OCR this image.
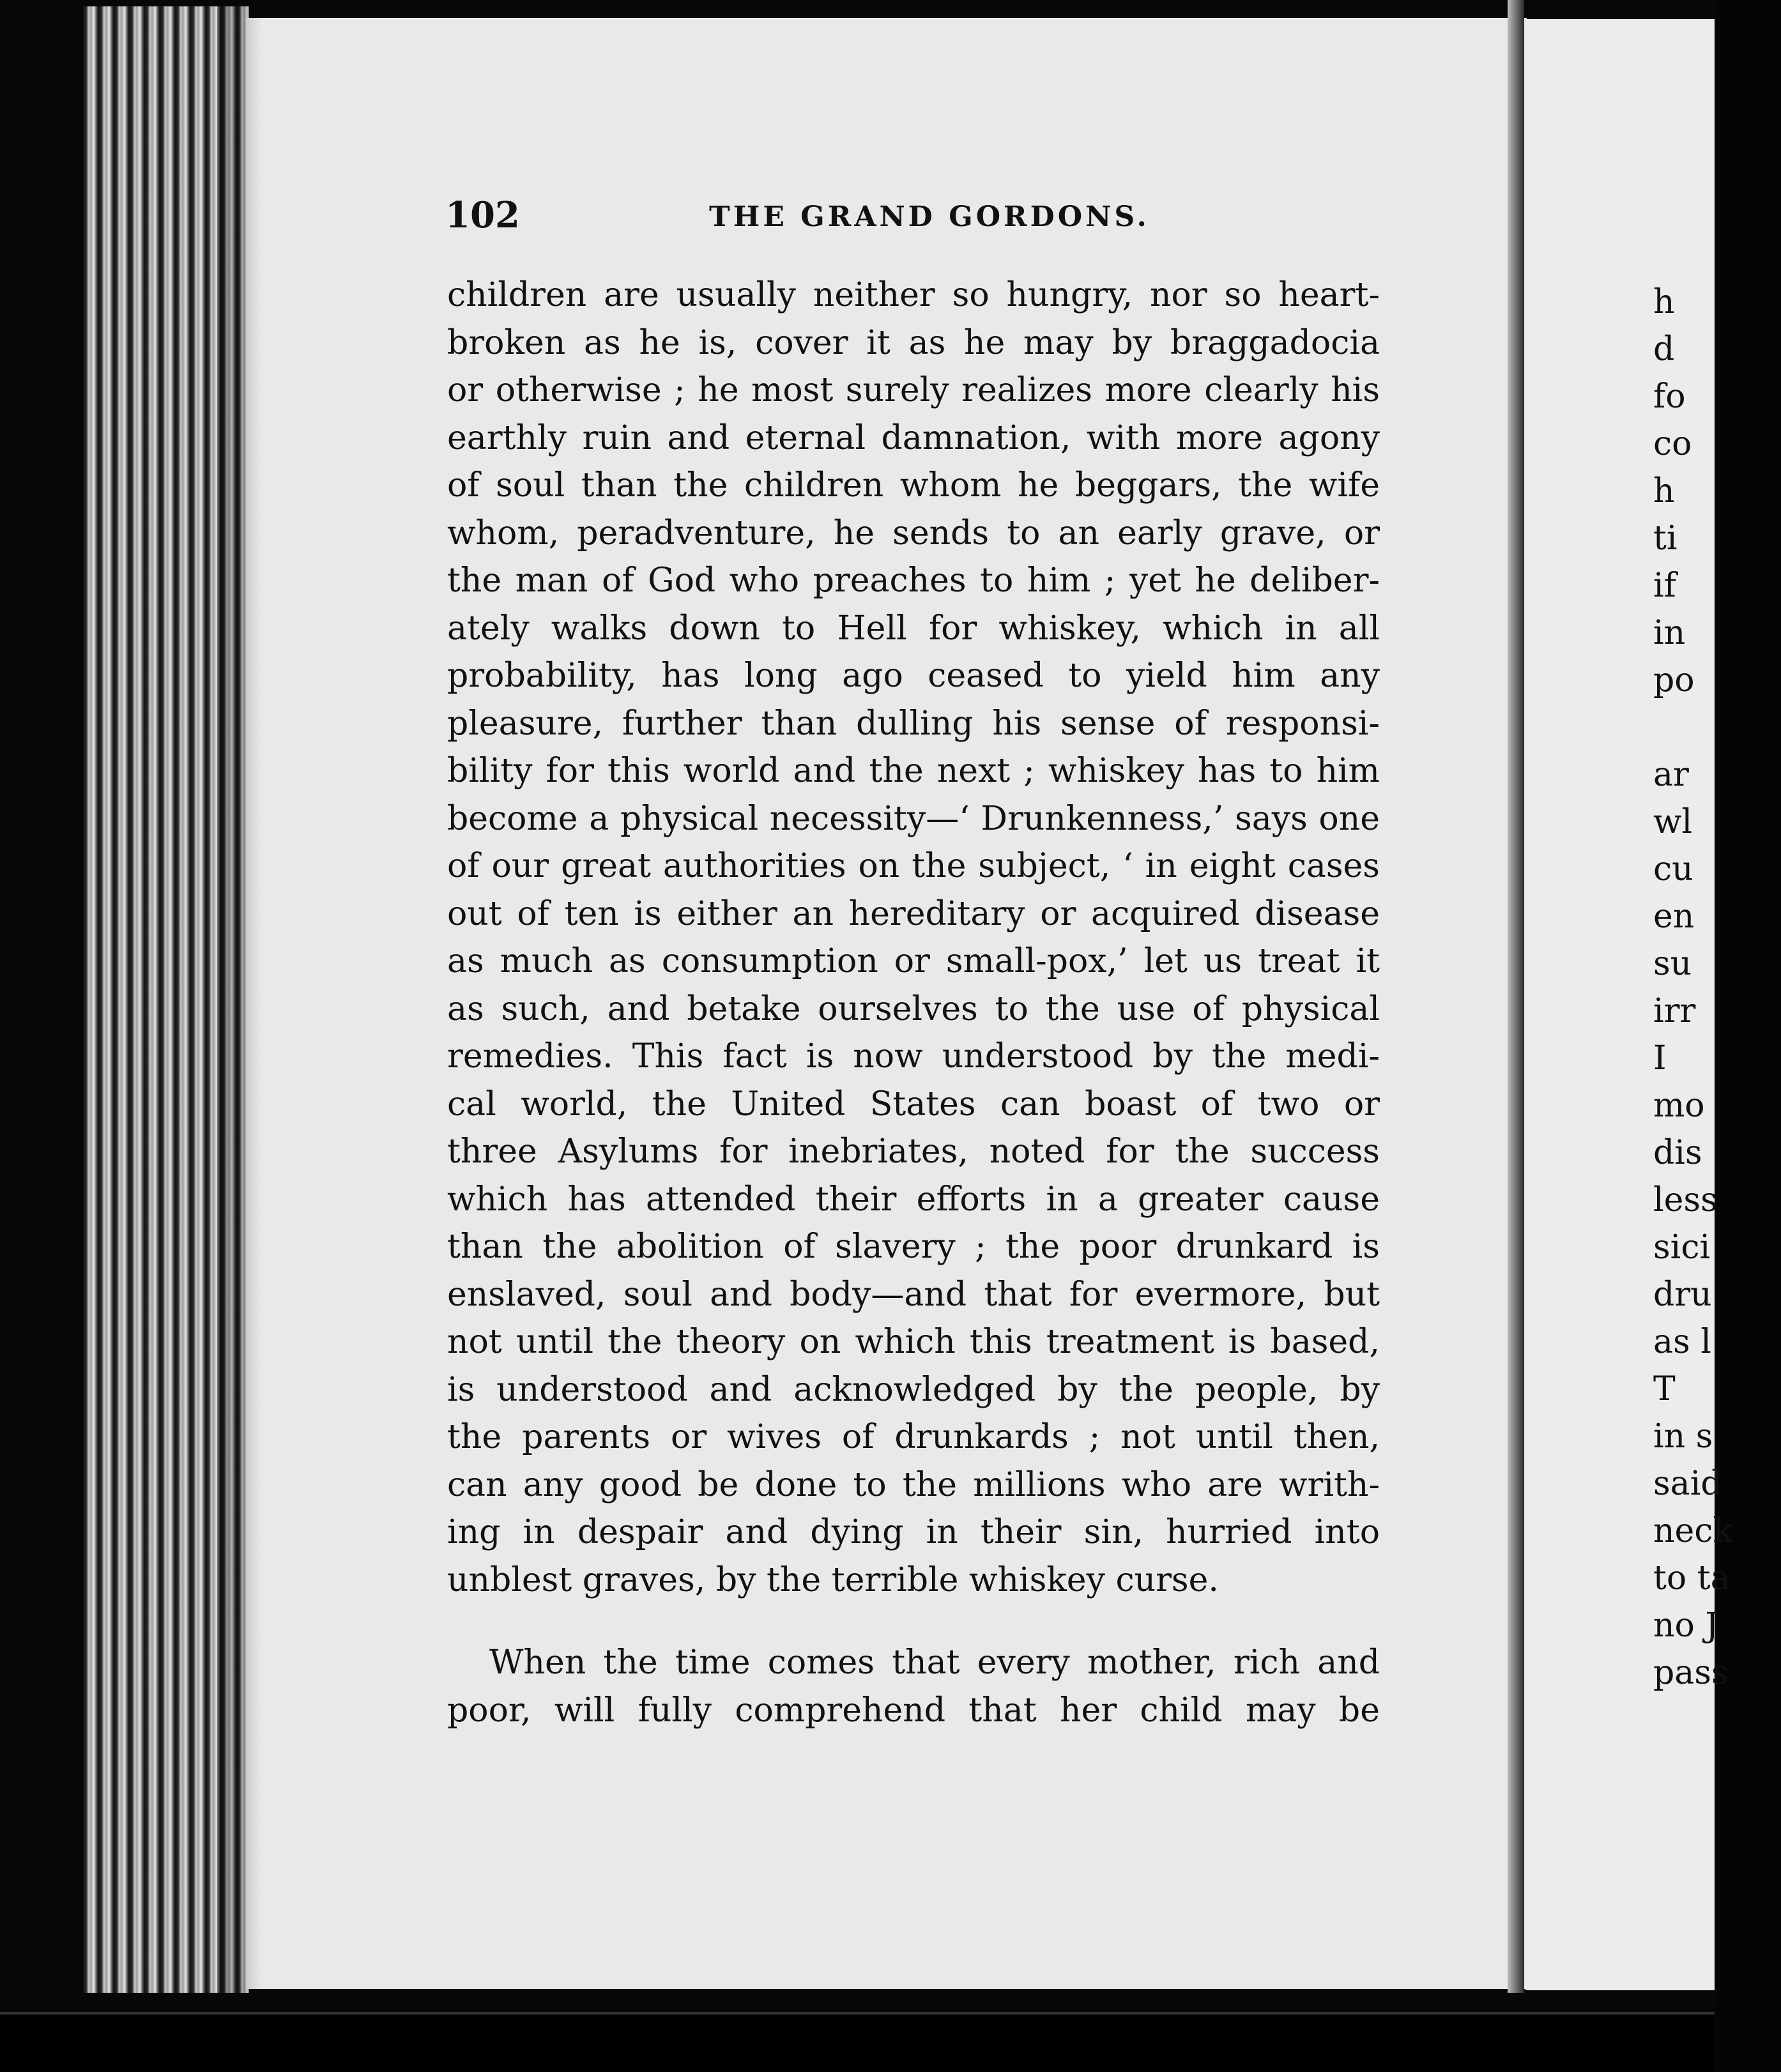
102	THE GRAND GORDONS.
children are usually neither so hungry, nor so heart-
broken as he is, cover it as he may by braggadocia
or otherwise ; he most surely realizes more clearly his
earthly ruin and eternal damnation, with more agony
of soul than the children whom he beggars, the wife
whom, peradventure, he sends to an early grave, or
the man of God who preaches to him ; yet he deliber-
ately walks down to Hell for whiskey, which in all
probability, has long ago ceased to yield him any
pleasure, further than dulling his sense of responsi-
bility for this world and the next ; whiskey has to him
become a physical necessity—‘ Drunkenness,’ says one
of our great authorities on the subject, ‘ in eight cases
out of ten is either an hereditary or acquired disease
as much as consumption or small-pox,’ let us treat it
as such, and betake ourselves to the use of physical
remedies. This fact is now understood by the medi-
cal world, the United States can boast of two or
three Asylums for inebriates, noted for the success
which has attended their efforts in a greater cause
than the abolition of slavery ; the poor drunkard is
enslaved, soul and body—and that for evermore, but
not until the theory on which this treatment is based,
is understood and acknowledged by the people, by
the parents or wives of drunkards ; not until then,
can any good be done to the millions who are writh-
ing in despair and dying in their sin, hurried into
unblest graves, by the terrible whiskey curse.
When the time comes that every mother, rich and
poor, will fully comprehend that her child may be
h
d
fo
co
h
ti
if
in
po
ar
wl
cu
en
su
irr
I
mo
dis
less
sici
dru
as l
T
in s
said
neck
to ta
no J
pass
